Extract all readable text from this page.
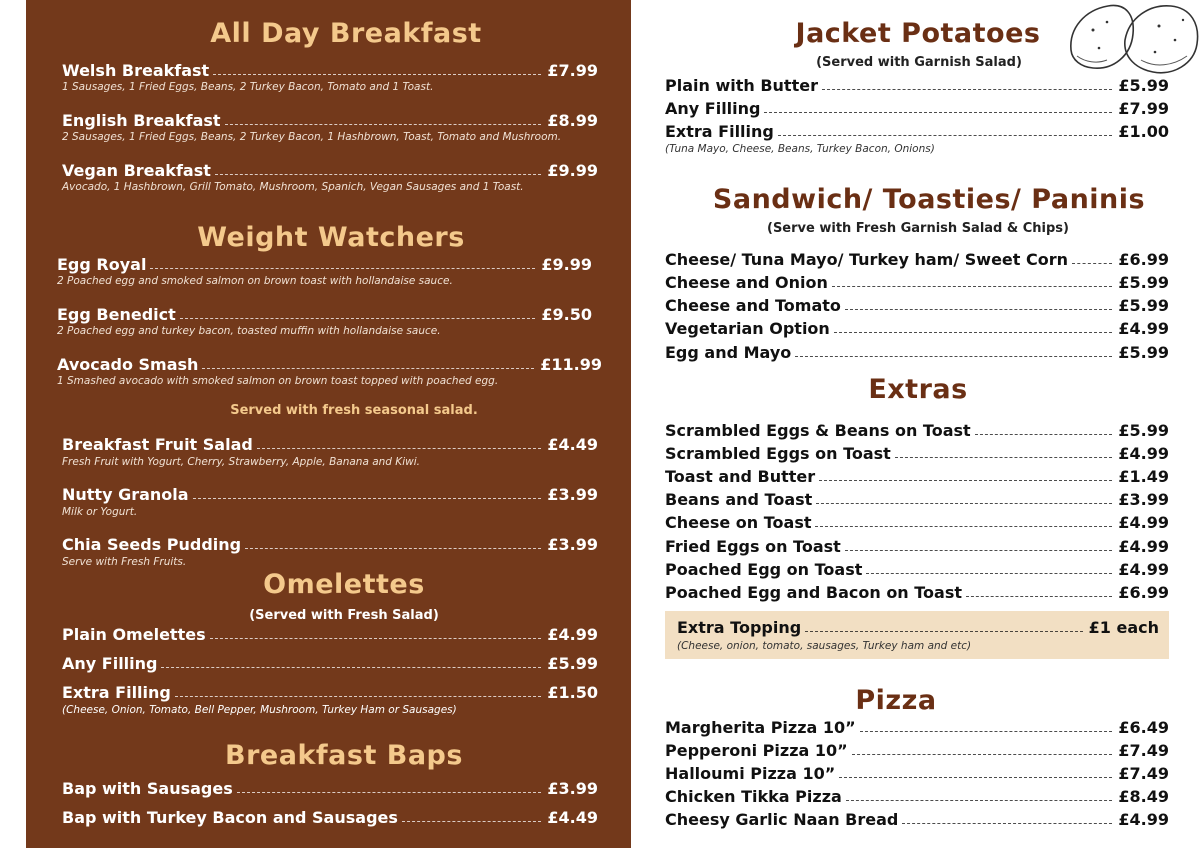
All Day Breakfast
Welsh Breakfast	£7.99
1 Sausages, 1 Fried Eggs, Beans, 2 Turkey Bacon, Tomato and 1 Toast.
English Breakfast	£8.99
2 Sausages, 1 Fried Eggs, Beans, 2 Turkey Bacon, 1 Hashbrown, Toast, Tomato and Mushroom.
Vegan Breakfast	£9.99
Avocado, 1 Hashbrown, Grill Tomato, Mushroom, Spanich, Vegan Sausages and 1 Toast.
Weight Watchers
Egg Royal	£9.99
2 Poached egg and smoked salmon on brown toast with hollandaise sauce.
Egg Benedict	£9.50
2 Poached egg and turkey bacon, toasted muffin with hollandaise sauce.
Avocado Smash	£11.99
1 Smashed avocado with smoked salmon on brown toast topped with poached egg.
Served with fresh seasonal salad.
Breakfast Fruit Salad	£4.49
Fresh Fruit with Yogurt, Cherry, Strawberry, Apple, Banana and Kiwi.
Nutty Granola	£3.99
Milk or Yogurt.
Chia Seeds Pudding	£3.99
Serve with Fresh Fruits.
Omelettes
(Served with Fresh Salad)
Plain Omelettes	£4.99
Any Filling	£5.99
Extra Filling	£1.50
(Cheese, Onion, Tomato, Bell Pepper, Mushroom, Turkey Ham or Sausages)
Breakfast Baps
Bap with Sausages	£3.99
Bap with Turkey Bacon and Sausages	£4.49
Jacket Potatoes
(Served with Garnish Salad)
Plain with Butter	£5.99
Any Filling	£7.99
Extra Filling	£1.00
(Tuna Mayo, Cheese, Beans, Turkey Bacon, Onions)
Sandwich/ Toasties/ Paninis
(Serve with Fresh Garnish Salad & Chips)
Cheese/ Tuna Mayo/ Turkey ham/ Sweet Corn	£6.99
Cheese and Onion	£5.99
Cheese and Tomato	£5.99
Vegetarian Option	£4.99
Egg and Mayo	£5.99
Extras
Scrambled Eggs & Beans on Toast	£5.99
Scrambled Eggs on Toast	£4.99
Toast and Butter	£1.49
Beans and Toast	£3.99
Cheese on Toast	£4.99
Fried Eggs on Toast	£4.99
Poached Egg on Toast	£4.99
Poached Egg and Bacon on Toast	£6.99
Extra Topping	£1 each
(Cheese, onion, tomato, sausages, Turkey ham and etc)
Pizza
Margherita Pizza 10”	£6.49
Pepperoni Pizza 10”	£7.49
Halloumi Pizza 10”	£7.49
Chicken Tikka Pizza	£8.49
Cheesy Garlic Naan Bread	£4.99
